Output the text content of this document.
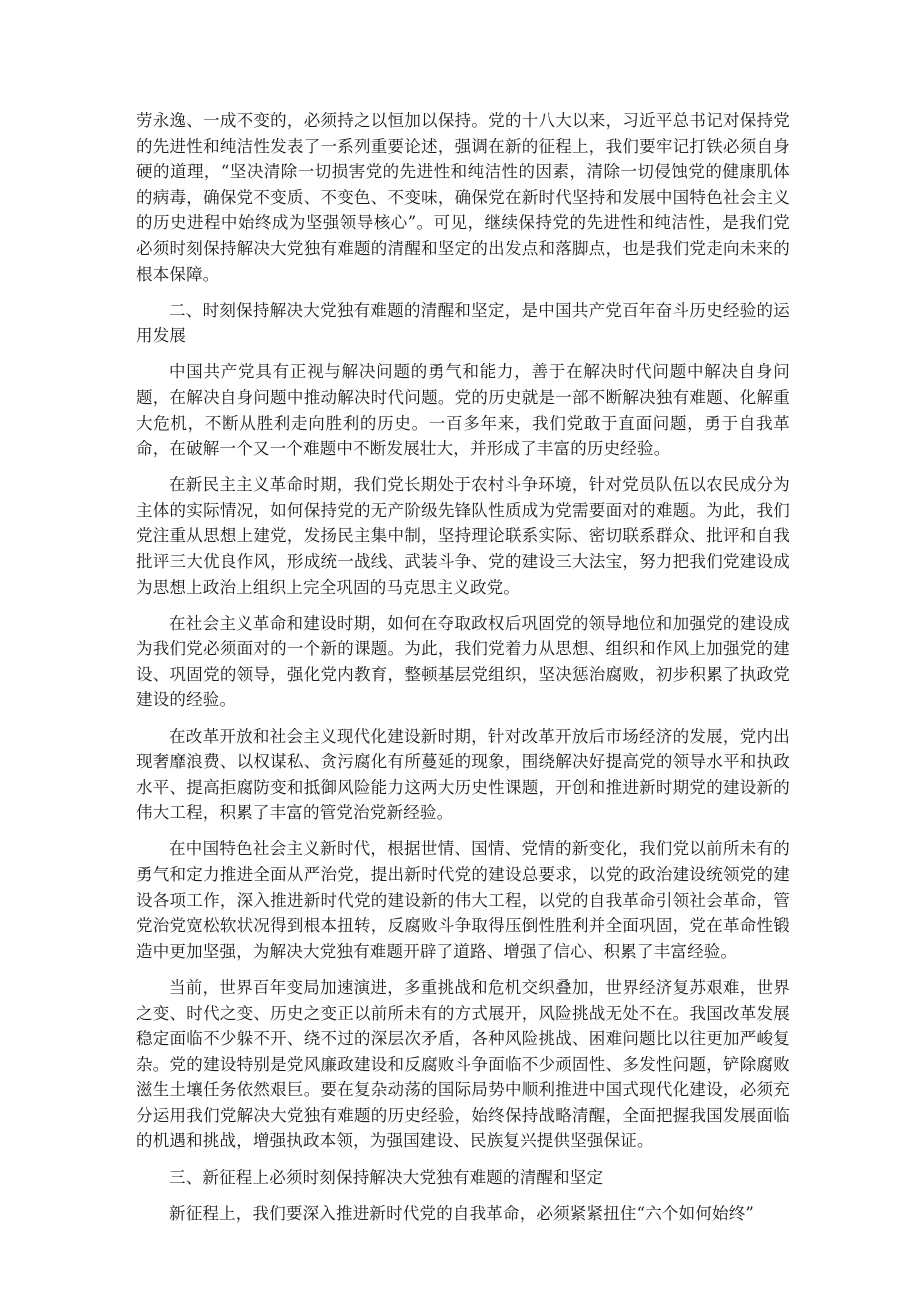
劳永逸、一成不变的，必须持之以恒加以保持。党的十八大以来，习近平总书记对保持党的先进性和纯洁性发表了一系列重要论述，强调在新的征程上，我们要牢记打铁必须自身硬的道理，“坚决清除一切损害党的先进性和纯洁性的因素，清除一切侵蚀党的健康肌体的病毒，确保党不变质、不变色、不变味，确保党在新时代坚持和发展中国特色社会主义的历史进程中始终成为坚强领导核心”。可见，继续保持党的先进性和纯洁性，是我们党必须时刻保持解决大党独有难题的清醒和坚定的出发点和落脚点，也是我们党走向未来的根本保障。

二、时刻保持解决大党独有难题的清醒和坚定，是中国共产党百年奋斗历史经验的运用发展

中国共产党具有正视与解决问题的勇气和能力，善于在解决时代问题中解决自身问题，在解决自身问题中推动解决时代问题。党的历史就是一部不断解决独有难题、化解重大危机，不断从胜利走向胜利的历史。一百多年来，我们党敢于直面问题，勇于自我革命，在破解一个又一个难题中不断发展壮大，并形成了丰富的历史经验。

在新民主主义革命时期，我们党长期处于农村斗争环境，针对党员队伍以农民成分为主体的实际情况，如何保持党的无产阶级先锋队性质成为党需要面对的难题。为此，我们党注重从思想上建党，发扬民主集中制，坚持理论联系实际、密切联系群众、批评和自我批评三大优良作风，形成统一战线、武装斗争、党的建设三大法宝，努力把我们党建设成为思想上政治上组织上完全巩固的马克思主义政党。

在社会主义革命和建设时期，如何在夺取政权后巩固党的领导地位和加强党的建设成为我们党必须面对的一个新的课题。为此，我们党着力从思想、组织和作风上加强党的建设、巩固党的领导，强化党内教育，整顿基层党组织，坚决惩治腐败，初步积累了执政党建设的经验。

在改革开放和社会主义现代化建设新时期，针对改革开放后市场经济的发展，党内出现奢靡浪费、以权谋私、贪污腐化有所蔓延的现象，围绕解决好提高党的领导水平和执政水平、提高拒腐防变和抵御风险能力这两大历史性课题，开创和推进新时期党的建设新的伟大工程，积累了丰富的管党治党新经验。

在中国特色社会主义新时代，根据世情、国情、党情的新变化，我们党以前所未有的勇气和定力推进全面从严治党，提出新时代党的建设总要求，以党的政治建设统领党的建设各项工作，深入推进新时代党的建设新的伟大工程，以党的自我革命引领社会革命，管党治党宽松软状况得到根本扭转，反腐败斗争取得压倒性胜利并全面巩固，党在革命性锻造中更加坚强，为解决大党独有难题开辟了道路、增强了信心、积累了丰富经验。

当前，世界百年变局加速演进，多重挑战和危机交织叠加，世界经济复苏艰难，世界之变、时代之变、历史之变正以前所未有的方式展开，风险挑战无处不在。我国改革发展稳定面临不少躲不开、绕不过的深层次矛盾，各种风险挑战、困难问题比以往更加严峻复杂。党的建设特别是党风廉政建设和反腐败斗争面临不少顽固性、多发性问题，铲除腐败滋生土壤任务依然艰巨。要在复杂动荡的国际局势中顺利推进中国式现代化建设，必须充分运用我们党解决大党独有难题的历史经验，始终保持战略清醒，全面把握我国发展面临的机遇和挑战，增强执政本领，为强国建设、民族复兴提供坚强保证。

三、新征程上必须时刻保持解决大党独有难题的清醒和坚定

新征程上，我们要深入推进新时代党的自我革命，必须紧紧扭住“六个如何始终”
